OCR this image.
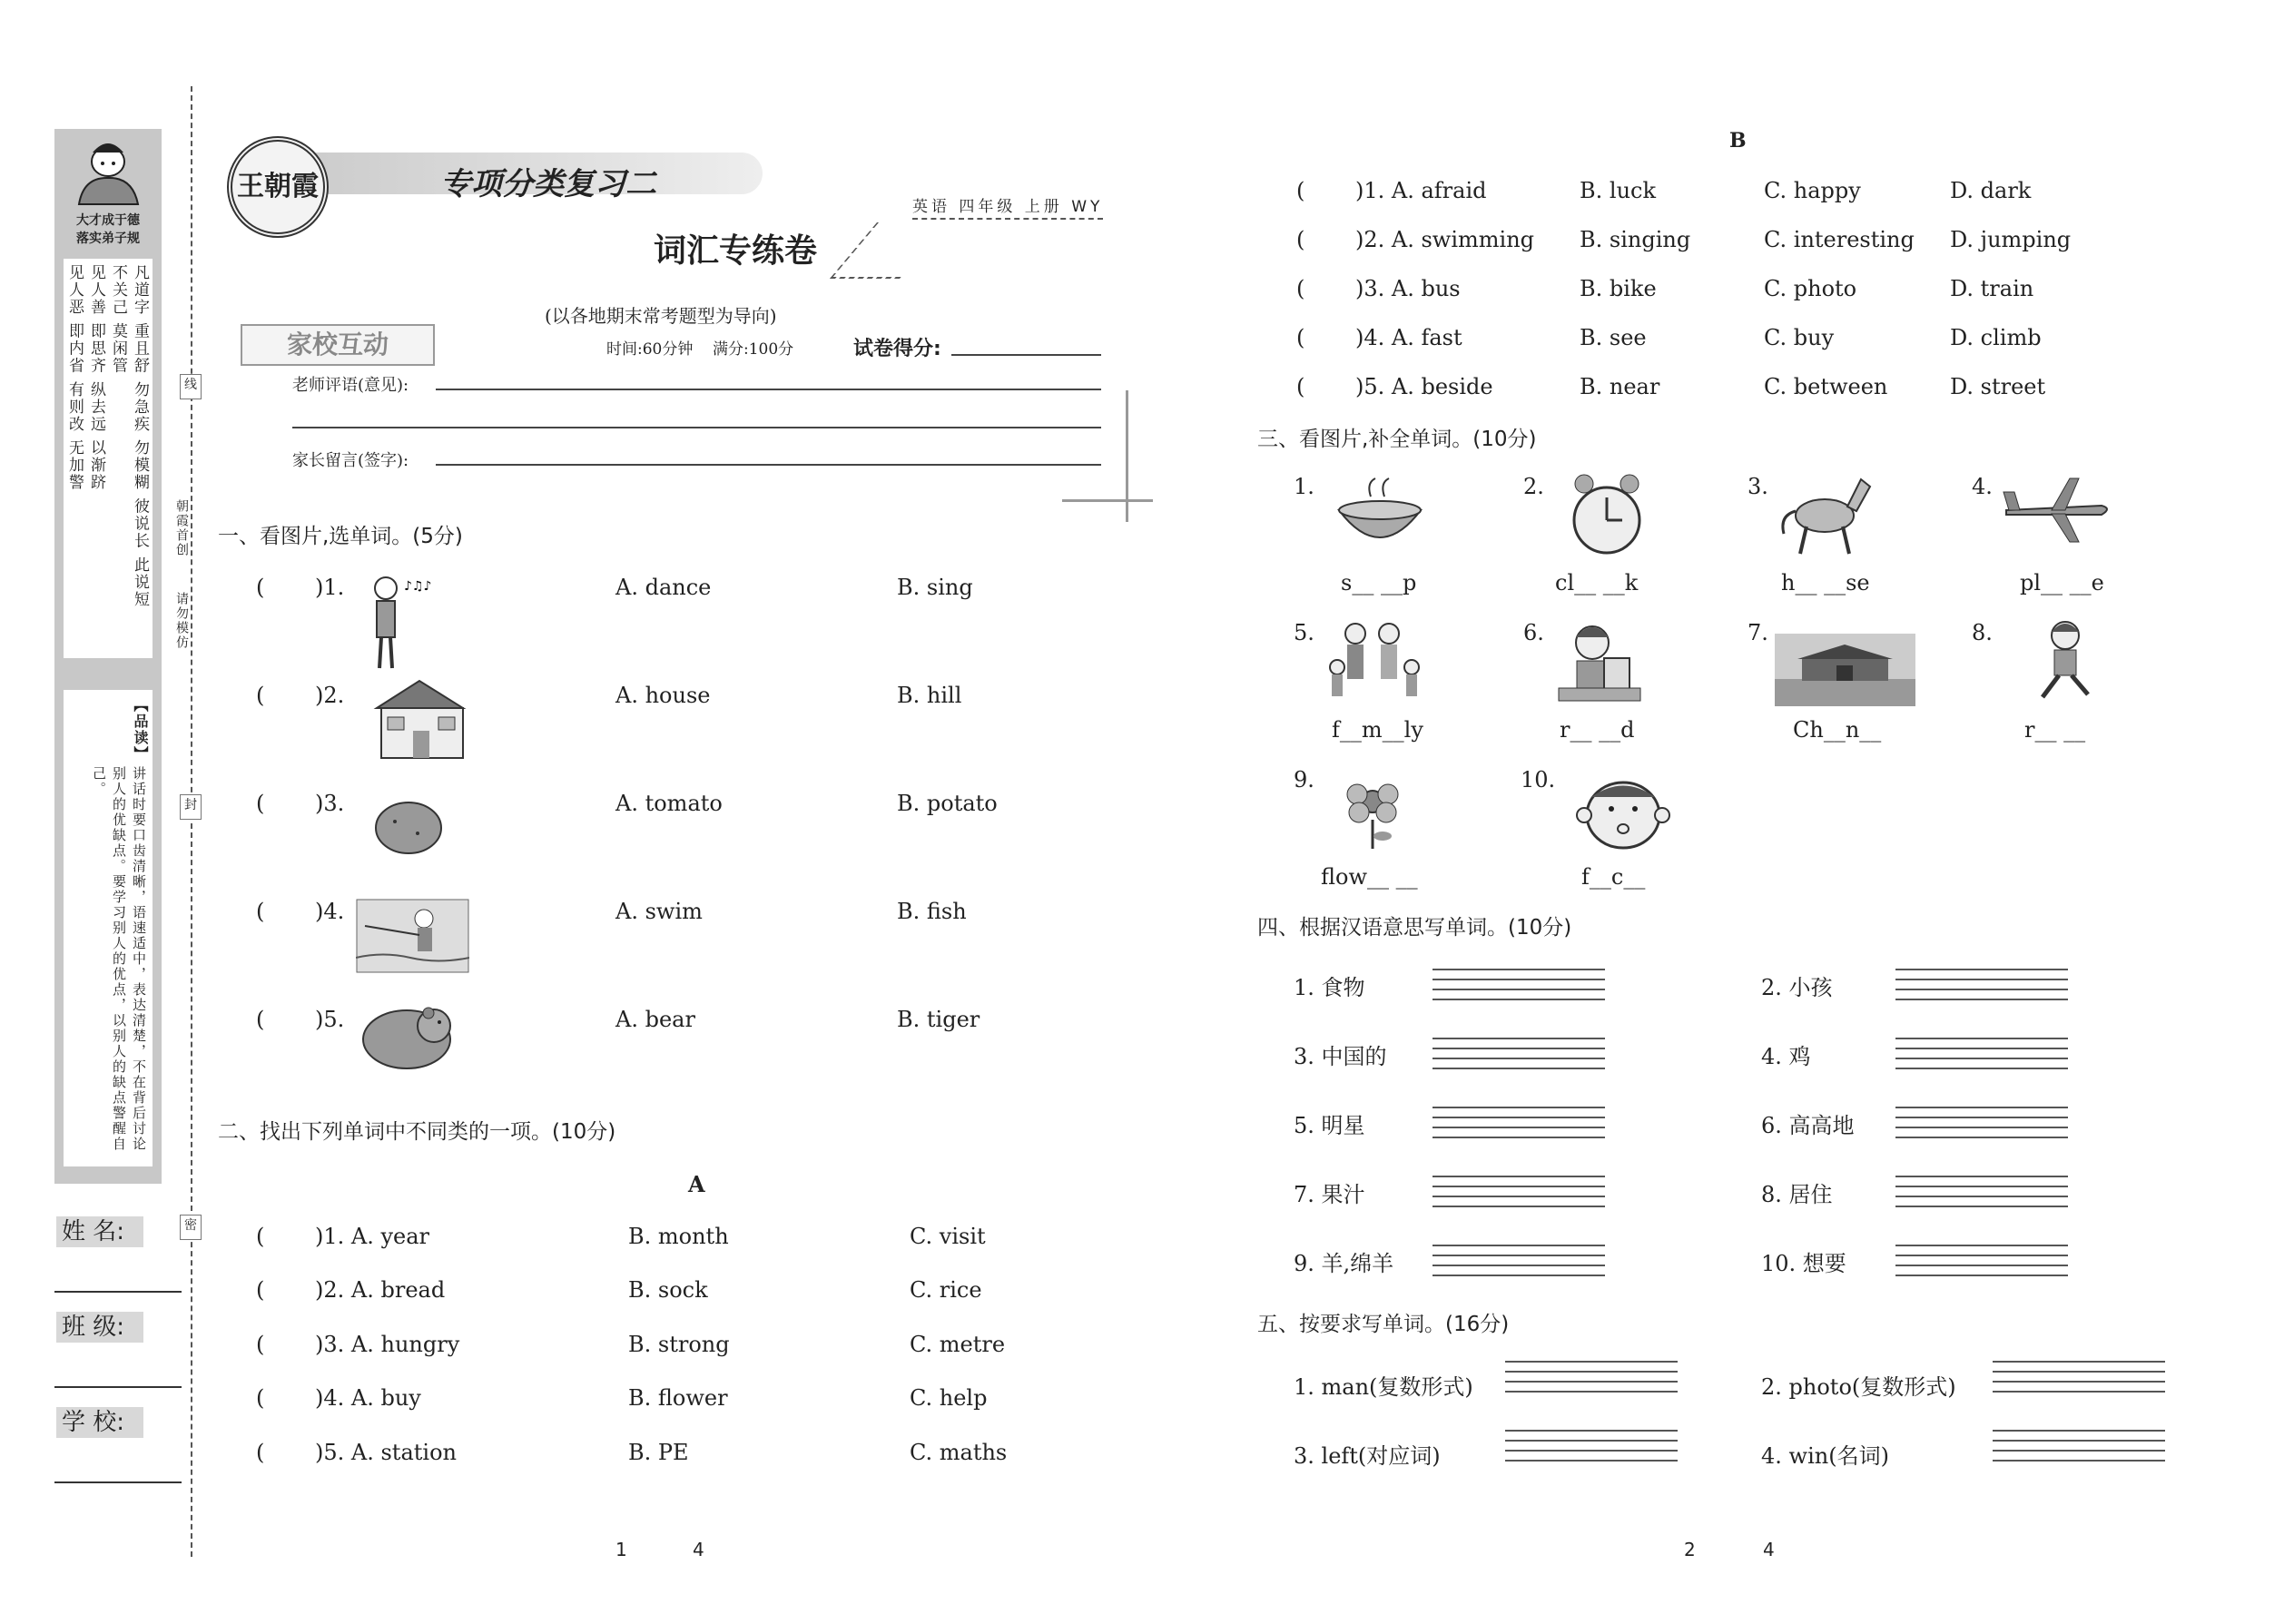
大才成于德
落实弟子规
凡道字 重且舒 勿急疾 勿模糊 彼说长 此说短
不关己 莫闲管
见人善 即思齐 纵去远 以渐跻
见人恶 即内省 有则改 无加警
【品读】
讲话时要口齿清晰，语速适中，表达清楚，不在背后讨论别人的优缺点。要学习别人的优点，以别人的缺点警醒自己。
姓 名:
班 级:
学 校:
线
封
密
朝霞首创
请勿模仿
王朝霞	专项分类复习二
英语 四年级 上册 WY
词汇专练卷
(以各地期末常考题型为导向)
家校互动	时间:60分钟 满分:100分	试卷得分:
老师评语(意见):
家长留言(签字):
一、看图片,选单词。(5分)
( )1.	♪♫♪	A. dance	B. sing
( )2.	A. house	B. hill
( )3.	A. tomato	B. potato
( )4.	A. swim	B. fish
( )5.	A. bear	B. tiger
二、找出下列单词中不同类的一项。(10分)
A
( )1. A. year	B. month	C. visit
( )2. A. bread	B. sock	C. rice
( )3. A. hungry	B. strong	C. metre
( )4. A. buy	B. flower	C. help
( )5. A. station	B. PE	C. maths
1	4
B
( )1. A. afraid	B. luck	C. happy	D. dark
( )2. A. swimming B. singing	C. interesting D. jumping
( )3. A. bus	B. bike	C. photo	D. train
( )4. A. fast	B. see	C. buy	D. climb
( )5. A. beside	B. near	C. between	D. street
三、看图片,补全单词。(10分)
1.
s__ __p
2.
cl__ __k
3.
h__ __se
4.
pl__ __e
5.
f__m__ly
6.
r__ __d
7.
Ch__n__
8.
r__ __
9.
flow__ __
10.
f__c__
四、根据汉语意思写单词。(10分)
1. 食物	2. 小孩
3. 中国的	4. 鸡
5. 明星	6. 高高地
7. 果汁	8. 居住
9. 羊,绵羊	10. 想要
五、按要求写单词。(16分)
1. man(复数形式)	2. photo(复数形式)
3. left(对应词)	4. win(名词)
2	4
